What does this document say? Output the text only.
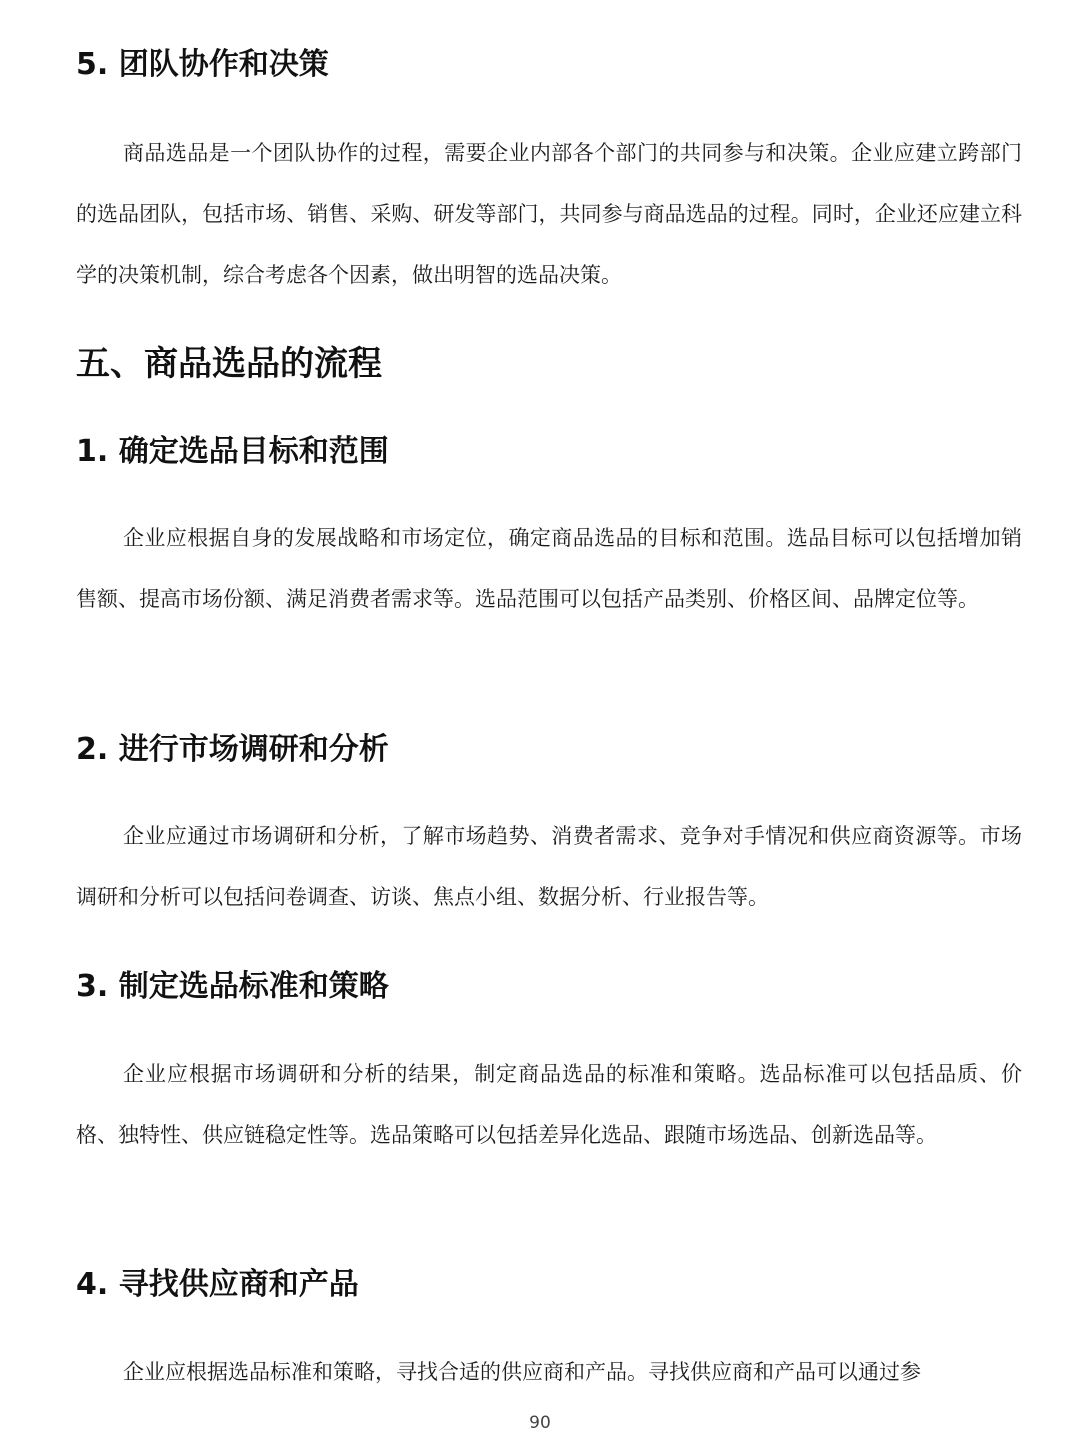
5. 团队协作和决策

商品选品是一个团队协作的过程，需要企业内部各个部门的共同参与和决策。企业应建立跨部门的选品团队，包括市场、销售、采购、研发等部门，共同参与商品选品的过程。同时，企业还应建立科学的决策机制，综合考虑各个因素，做出明智的选品决策。

五、商品选品的流程
1. 确定选品目标和范围

企业应根据自身的发展战略和市场定位，确定商品选品的目标和范围。选品目标可以包括增加销售额、提高市场份额、满足消费者需求等。选品范围可以包括产品类别、价格区间、品牌定位等。

2. 进行市场调研和分析

企业应通过市场调研和分析，了解市场趋势、消费者需求、竞争对手情况和供应商资源等。市场调研和分析可以包括问卷调查、访谈、焦点小组、数据分析、行业报告等。

3. 制定选品标准和策略

企业应根据市场调研和分析的结果，制定商品选品的标准和策略。选品标准可以包括品质、价格、独特性、供应链稳定性等。选品策略可以包括差异化选品、跟随市场选品、创新选品等。

4. 寻找供应商和产品

企业应根据选品标准和策略，寻找合适的供应商和产品。寻找供应商和产品可以通过参

90
